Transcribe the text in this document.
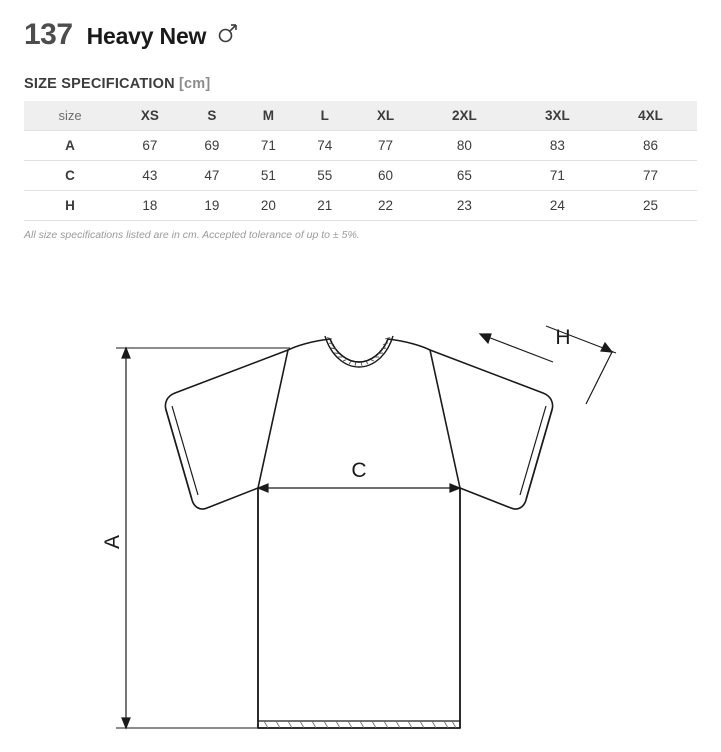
137 Heavy New
SIZE SPECIFICATION [cm]
size	XS	S	M	L	XL	2XL	3XL	4XL
A	67	69	71	74	77	80	83	86
C	43	47	51	55	60	65	71	77
H	18	19	20	21	22	23	24	25
All size specifications listed are in cm. Accepted tolerance of up to ± 5%.
A
C
H
